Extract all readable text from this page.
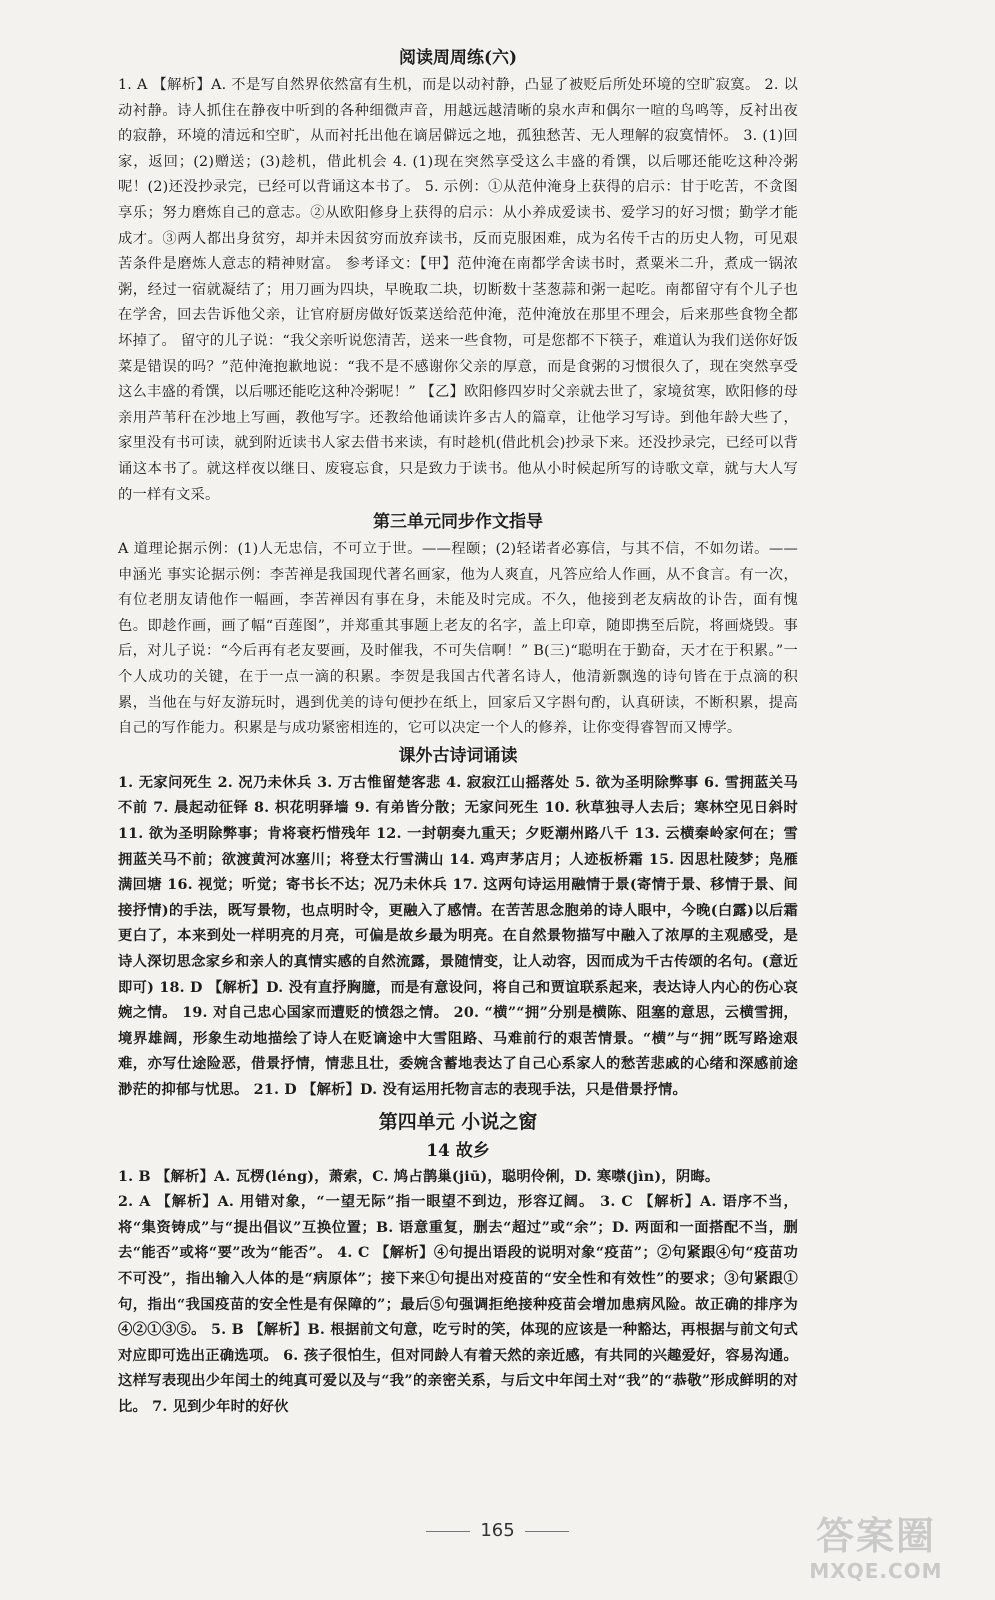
阅读周周练(六)

1. A 【解析】A. 不是写自然界依然富有生机，而是以动衬静，凸显了被贬后所处环境的空旷寂寞。 2. 以动衬静。诗人抓住在静夜中听到的各种细微声音，用越远越清晰的泉水声和偶尔一喧的鸟鸣等，反衬出夜的寂静，环境的清远和空旷，从而衬托出他在谪居僻远之地，孤独愁苦、无人理解的寂寞情怀。 3. (1)回家，返回；(2)赠送；(3)趁机，借此机会 4. (1)现在突然享受这么丰盛的肴馔，以后哪还能吃这种冷粥呢！(2)还没抄录完，已经可以背诵这本书了。 5. 示例：①从范仲淹身上获得的启示：甘于吃苦，不贪图享乐；努力磨炼自己的意志。②从欧阳修身上获得的启示：从小养成爱读书、爱学习的好习惯；勤学才能成才。③两人都出身贫穷，却并未因贫穷而放弃读书，反而克服困难，成为名传千古的历史人物，可见艰苦条件是磨炼人意志的精神财富。 参考译文：【甲】范仲淹在南都学舍读书时，煮粟米二升，煮成一锅浓粥，经过一宿就凝结了；用刀画为四块，早晚取二块，切断数十茎葱蒜和粥一起吃。南都留守有个儿子也在学舍，回去告诉他父亲，让官府厨房做好饭菜送给范仲淹，范仲淹放在那里不理会，后来那些食物全都坏掉了。 留守的儿子说：“我父亲听说您清苦，送来一些食物，可是您都不下筷子，难道认为我们送你好饭菜是错误的吗？”范仲淹抱歉地说：“我不是不感谢你父亲的厚意，而是食粥的习惯很久了，现在突然享受这么丰盛的肴馔，以后哪还能吃这种冷粥呢！” 【乙】欧阳修四岁时父亲就去世了，家境贫寒，欧阳修的母亲用芦苇秆在沙地上写画，教他写字。还教给他诵读许多古人的篇章，让他学习写诗。到他年龄大些了，家里没有书可读，就到附近读书人家去借书来读，有时趁机(借此机会)抄录下来。还没抄录完，已经可以背诵这本书了。就这样夜以继日、废寝忘食，只是致力于读书。他从小时候起所写的诗歌文章，就与大人写的一样有文采。

第三单元同步作文指导

A 道理论据示例：(1)人无忠信，不可立于世。——程颐；(2)轻诺者必寡信，与其不信，不如勿诺。——申涵光 事实论据示例：李苦禅是我国现代著名画家，他为人爽直，凡答应给人作画，从不食言。有一次，有位老朋友请他作一幅画，李苦禅因有事在身，未能及时完成。不久，他接到老友病故的讣告，面有愧色。即趁作画，画了幅“百莲图”，并郑重其事题上老友的名字，盖上印章，随即携至后院，将画烧毁。事后，对儿子说：“今后再有老友要画，及时催我，不可失信啊！” B(三)“聪明在于勤奋，天才在于积累。”一个人成功的关键，在于一点一滴的积累。李贺是我国古代著名诗人，他清新飘逸的诗句皆在于点滴的积累，当他在与好友游玩时，遇到优美的诗句便抄在纸上，回家后又字斟句酌，认真研读，不断积累，提高自己的写作能力。积累是与成功紧密相连的，它可以决定一个人的修养，让你变得睿智而又博学。

课外古诗词诵读

1. 无家问死生 2. 况乃未休兵 3. 万古惟留楚客悲 4. 寂寂江山摇落处 5. 欲为圣明除弊事 6. 雪拥蓝关马不前 7. 晨起动征铎 8. 枳花明驿墙 9. 有弟皆分散；无家问死生 10. 秋草独寻人去后；寒林空见日斜时 11. 欲为圣明除弊事；肯将衰朽惜残年 12. 一封朝奏九重天；夕贬潮州路八千 13. 云横秦岭家何在；雪拥蓝关马不前；欲渡黄河冰塞川；将登太行雪满山 14. 鸡声茅店月；人迹板桥霜 15. 因思杜陵梦；凫雁满回塘 16. 视觉；听觉；寄书长不达；况乃未休兵 17. 这两句诗运用融情于景(寄情于景、移情于景、间接抒情)的手法，既写景物，也点明时令，更融入了感情。在苦苦思念胞弟的诗人眼中，今晚(白露)以后霜更白了，本来到处一样明亮的月亮，可偏是故乡最为明亮。在自然景物描写中融入了浓厚的主观感受，是诗人深切思念家乡和亲人的真情实感的自然流露，景随情变，让人动容，因而成为千古传颂的名句。(意近即可) 18. D 【解析】D. 没有直抒胸臆，而是有意设问，将自己和贾谊联系起来，表达诗人内心的伤心哀婉之情。 19. 对自己忠心国家而遭贬的愤怨之情。 20. “横”“拥”分别是横陈、阻塞的意思，云横雪拥，境界雄阔，形象生动地描绘了诗人在贬谪途中大雪阻路、马难前行的艰苦情景。“横”与“拥”既写路途艰难，亦写仕途险恶，借景抒情，情悲且壮，委婉含蓄地表达了自己心系家人的愁苦悲戚的心绪和深感前途渺茫的抑郁与忧思。 21. D 【解析】D. 没有运用托物言志的表现手法，只是借景抒情。

第四单元 小说之窗
14 故乡

1. B 【解析】A. 瓦楞(léng)，萧索，C. 鸠占鹊巢(jiū)，聪明伶俐，D. 寒噤(jìn)，阴晦。

2. A 【解析】A. 用错对象，“一望无际”指一眼望不到边，形容辽阔。 3. C 【解析】A. 语序不当，将“集资铸成”与“提出倡议”互换位置；B. 语意重复，删去“超过”或“余”；D. 两面和一面搭配不当，删去“能否”或将“要”改为“能否”。 4. C 【解析】④句提出语段的说明对象“疫苗”；②句紧跟④句“疫苗功不可没”，指出输入人体的是“病原体”；接下来①句提出对疫苗的“安全性和有效性”的要求；③句紧跟①句，指出“我国疫苗的安全性是有保障的”；最后⑤句强调拒绝接种疫苗会增加患病风险。故正确的排序为④②①③⑤。 5. B 【解析】B. 根据前文句意，吃亏时的笑，体现的应该是一种豁达，再根据与前文句式对应即可选出正确选项。 6. 孩子很怕生，但对同龄人有着天然的亲近感，有共同的兴趣爱好，容易沟通。这样写表现出少年闰土的纯真可爱以及与“我”的亲密关系，与后文中年闰土对“我”的“恭敬”形成鲜明的对比。 7. 见到少年时的好伙

165	答案圈
MXQE.COM
